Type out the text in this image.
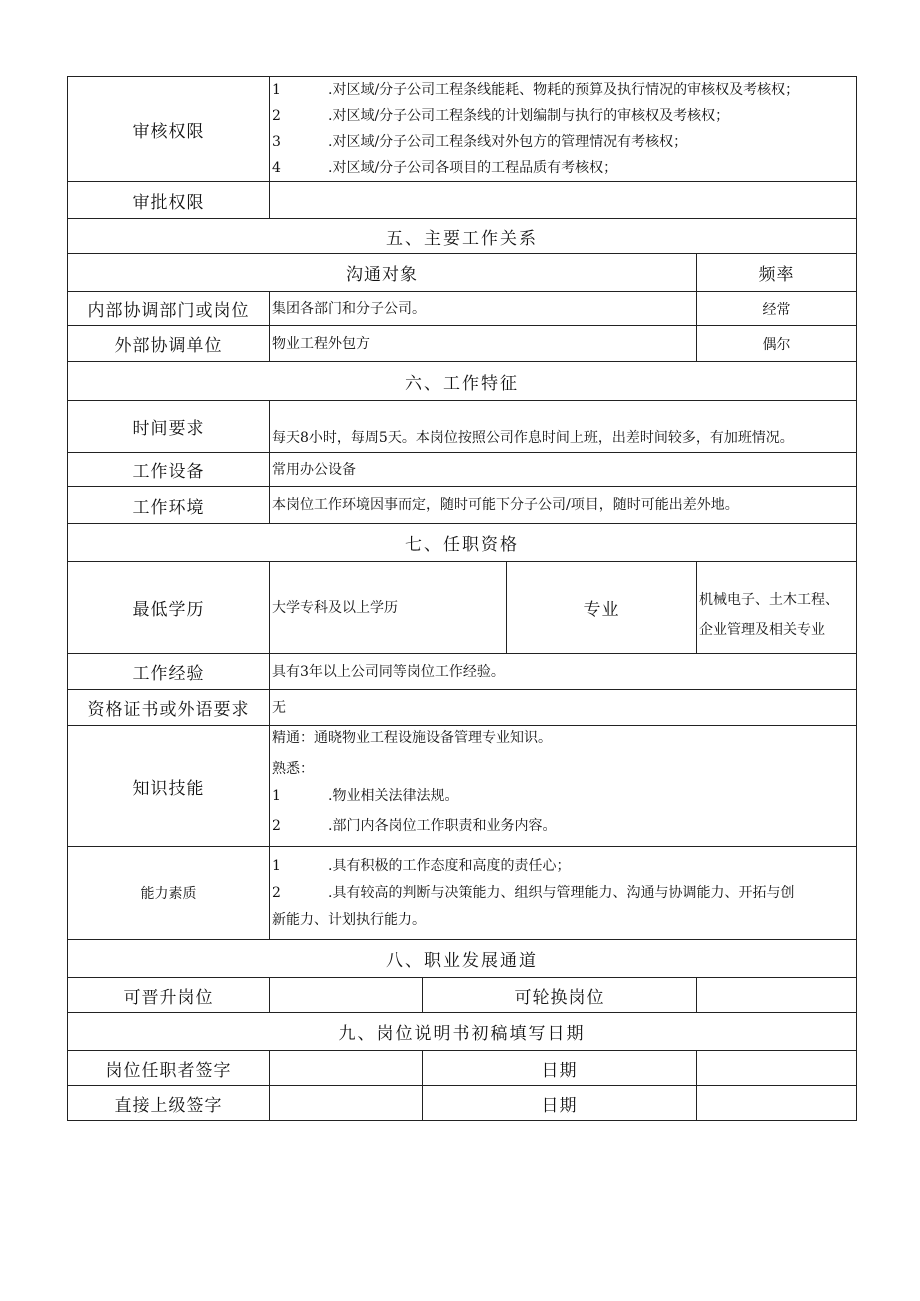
审核权限	1 .对区域/分子公司工程条线能耗、物耗的预算及执行情况的审核权及考核权；
2 .对区域/分子公司工程条线的计划编制与执行的审核权及考核权；
3 .对区域/分子公司工程条线对外包方的管理情况有考核权；
4 .对区域/分子公司各项目的工程品质有考核权；			

审批权限				
五、主要工作关系				
沟通对象				频率
内部协调部门或岗位	集团各部门和分子公司。			经常
外部协调单位	物业工程外包方			偶尔
六、工作特征				
时间要求	每天8小时，每周5天。本岗位按照公司作息时间上班，出差时间较多，有加班情况。			
工作设备	常用办公设备			
工作环境	本岗位工作环境因事而定，随时可能下分子公司/项目，随时可能出差外地。			
七、任职资格				
最低学历	大学专科及以上学历		专业	机械电子、土木工程、
企业管理及相关专业

工作经验	具有3年以上公司同等岗位工作经验。			
资格证书或外语要求	无			
知识技能	精通：通晓物业工程设施设备管理专业知识。
熟悉：
1 .物业相关法律法规。
2 .部门内各岗位工作职责和业务内容。			

能力素质	1 .具有积极的工作态度和高度的责任心；
2 .具有较高的判断与决策能力、组织与管理能力、沟通与协调能力、开拓与创
新能力、计划执行能力。			

八、职业发展通道				
可晋升岗位		可轮换岗位		
九、岗位说明书初稿填写日期				
岗位任职者签字		日期		
直接上级签字		日期		
